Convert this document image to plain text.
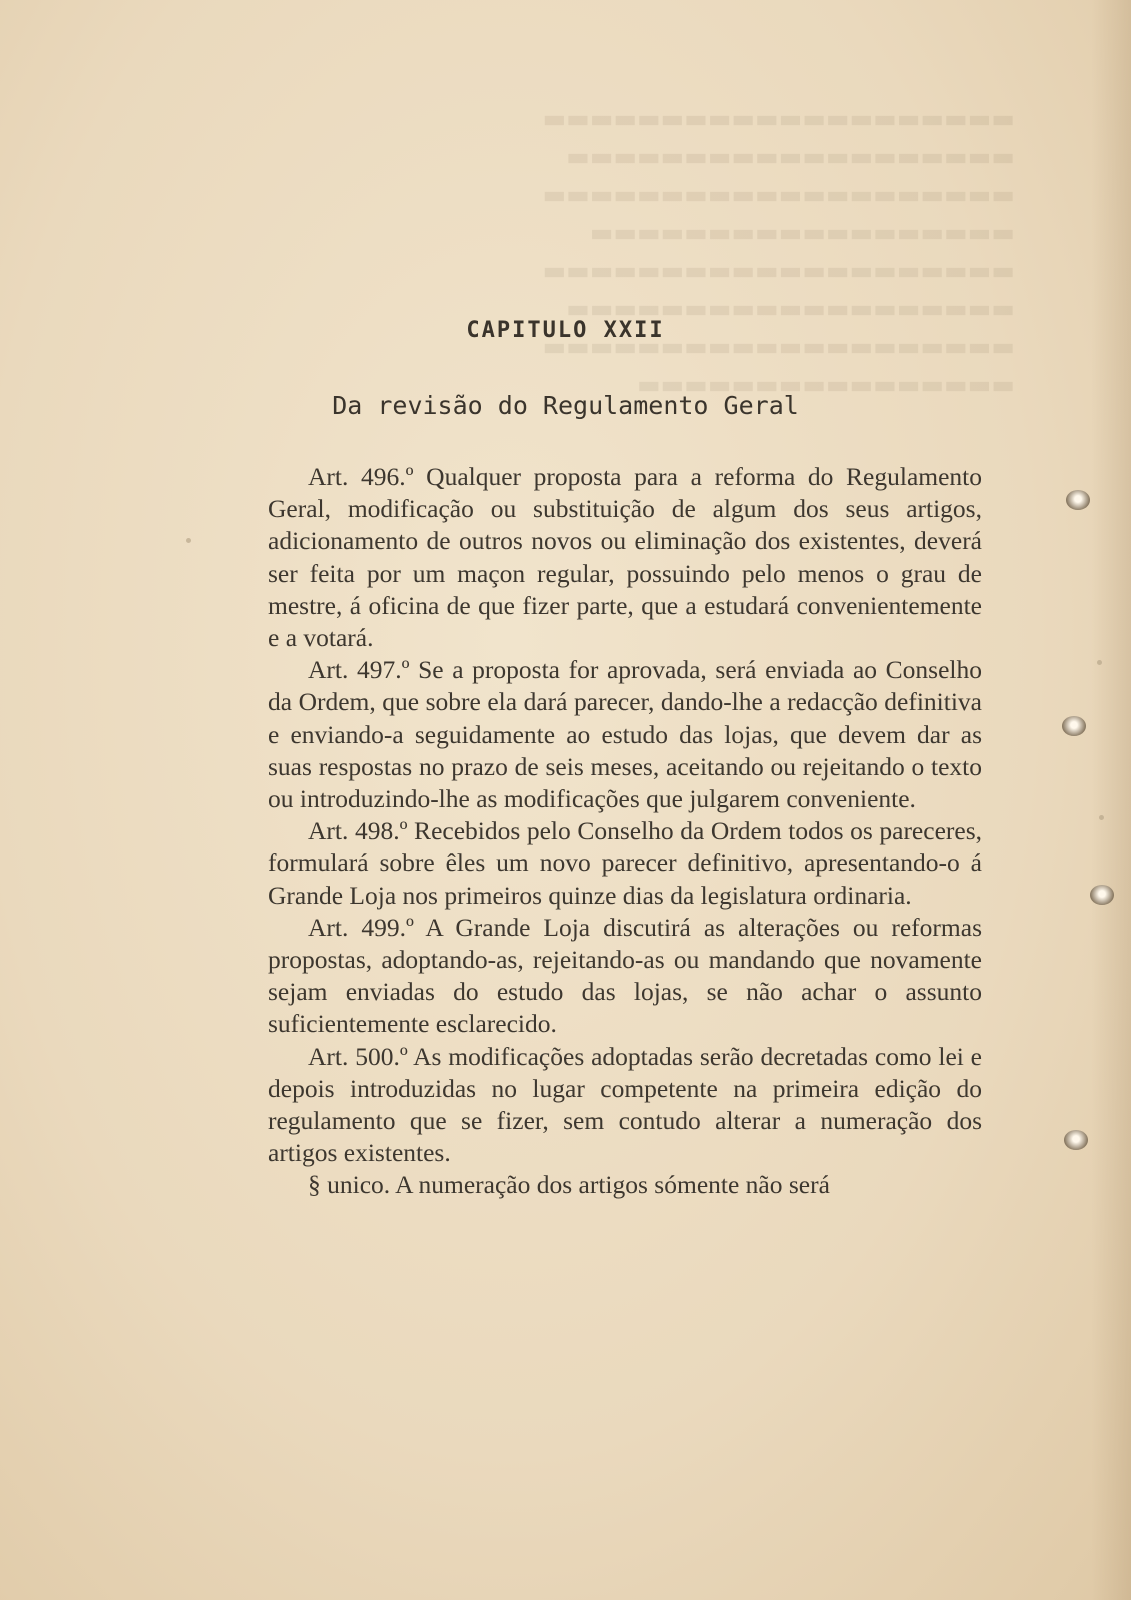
▬▬▬▬▬▬▬▬▬▬▬▬▬▬▬▬▬▬▬▬
▬▬▬▬▬▬▬▬▬▬▬▬▬▬▬▬▬▬▬
▬▬▬▬▬▬▬▬▬▬▬▬▬▬▬▬▬▬▬▬
▬▬▬▬▬▬▬▬▬▬▬▬▬▬▬▬▬▬
▬▬▬▬▬▬▬▬▬▬▬▬▬▬▬▬▬▬▬▬
▬▬▬▬▬▬▬▬▬▬▬▬▬▬▬▬▬▬▬
▬▬▬▬▬▬▬▬▬▬▬▬▬▬▬▬▬▬▬▬
▬▬▬▬▬▬▬▬▬▬▬▬▬▬▬▬
CAPITULO XXII
Da revisão do Regulamento Geral

Art. 496.º Qualquer proposta para a reforma do Regulamento Geral, modificação ou substituição de algum dos seus artigos, adicionamento de outros novos ou eliminação dos existentes, deverá ser feita por um maçon regular, possuindo pelo menos o grau de mestre, á oficina de que fizer parte, que a estudará convenientemente e a votará.

Art. 497.º Se a proposta for aprovada, será enviada ao Conselho da Ordem, que sobre ela dará parecer, dando-lhe a redacção definitiva e enviando-a seguidamente ao estudo das lojas, que devem dar as suas respostas no prazo de seis meses, aceitando ou rejeitando o texto ou introduzindo-lhe as modificações que julgarem conveniente.

Art. 498.º Recebidos pelo Conselho da Ordem todos os pareceres, formulará sobre êles um novo parecer definitivo, apresentando-o á Grande Loja nos primeiros quinze dias da legislatura ordinaria.

Art. 499.º A Grande Loja discutirá as alterações ou reformas propostas, adoptando-as, rejeitando-as ou mandando que novamente sejam enviadas do estudo das lojas, se não achar o assunto suficientemente esclarecido.

Art. 500.º As modificações adoptadas serão decretadas como lei e depois introduzidas no lugar competente na primeira edição do regulamento que se fizer, sem contudo alterar a numeração dos artigos existentes.

§ unico. A numeração dos artigos sómente não será
